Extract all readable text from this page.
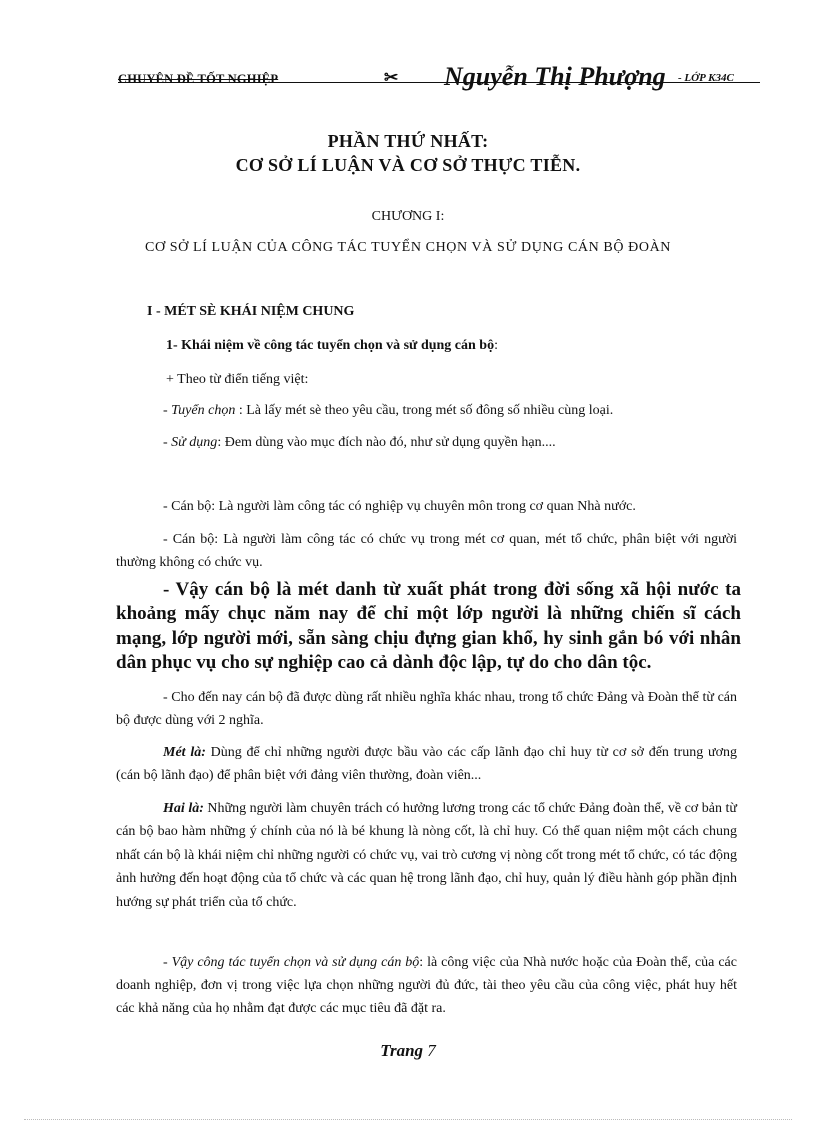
CHUYÊN ĐỀ TỐT NGHIỆP	✂ Nguyễn Thị Phượng - LỚP K34C
PHẦN THỨ NHẤT:
CƠ SỞ LÍ LUẬN VÀ CƠ SỞ THỰC TIỄN.
CHƯƠNG I:
CƠ SỞ LÍ LUẬN CỦA CÔNG TÁC TUYỂN CHỌN VÀ SỬ DỤNG CÁN BỘ ĐOÀN
I - MÉT SÈ KHÁI NIỆM CHUNG
1- Khái niệm về công tác tuyển chọn và sử dụng cán bộ:
+ Theo từ điển tiếng việt:
- Tuyển chọn : Là lấy mét sè theo yêu cầu, trong mét số đông số nhiều cùng loại.
- Sử dụng: Đem dùng vào mục đích nào đó, như sử dụng quyền hạn....
- Cán bộ: Là người làm công tác có nghiệp vụ chuyên môn trong cơ quan Nhà nước.
- Cán bộ: Là người làm công tác có chức vụ trong mét cơ quan, mét tổ chức, phân biệt với người thường không có chức vụ.
- Vậy cán bộ là mét danh từ xuất phát trong đời sống xã hội nước ta khoảng mấy chục năm nay để chỉ một lớp người là những chiến sĩ cách mạng, lớp người mới, sẵn sàng chịu đựng gian khổ, hy sinh gắn bó với nhân dân phục vụ cho sự nghiệp cao cả dành độc lập, tự do cho dân tộc.
- Cho đến nay cán bộ đã được dùng rất nhiều nghĩa khác nhau, trong tổ chức Đảng và Đoàn thể từ cán bộ được dùng với 2 nghĩa.
Mét là: Dùng để chỉ những người được bầu vào các cấp lãnh đạo chỉ huy từ cơ sở đến trung ương (cán bộ lãnh đạo) để phân biệt với đảng viên thường, đoàn viên...
Hai là: Những người làm chuyên trách có hưởng lương trong các tổ chức Đảng đoàn thể, về cơ bản từ cán bộ bao hàm những ý chính của nó là bé khung là nòng cốt, là chỉ huy. Có thể quan niệm một cách chung nhất cán bộ là khái niệm chỉ những người có chức vụ, vai trò cương vị nòng cốt trong mét tổ chức, có tác động ảnh hưởng đến hoạt động của tổ chức và các quan hệ trong lãnh đạo, chỉ huy, quản lý điều hành góp phần định hướng sự phát triển của tổ chức.
- Vậy công tác tuyển chọn và sử dụng cán bộ: là công việc của Nhà nước hoặc của Đoàn thể, của các doanh nghiệp, đơn vị trong việc lựa chọn những người đủ đức, tài theo yêu cầu của công việc, phát huy hết các khả năng của họ nhằm đạt được các mục tiêu đã đặt ra.
Trang 7
